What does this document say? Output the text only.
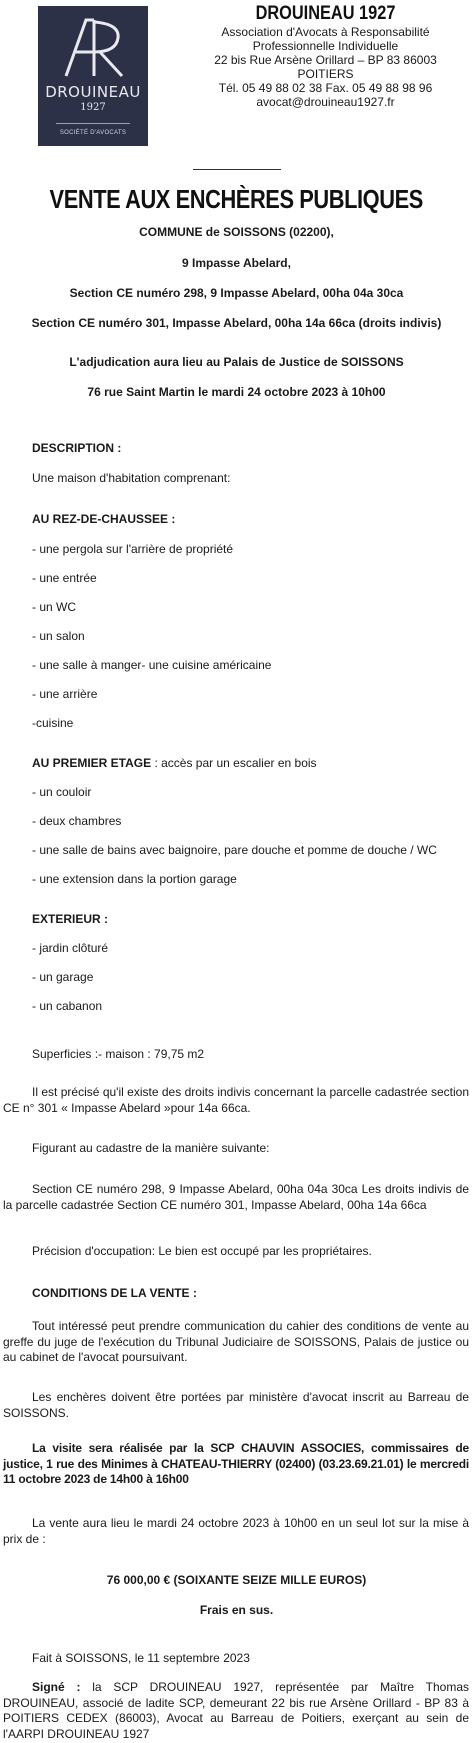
DROUINEAU
1927
SOCIÉTÉ D'AVOCATS
DROUINEAU 1927
Association d'Avocats à Responsabilité
Professionnelle Individuelle
22 bis Rue Arsène Orillard – BP 83 86003
POITIERS
Tél. 05 49 88 02 38 Fax. 05 49 88 98 96
avocat@drouineau1927.fr
VENTE AUX ENCHÈRES PUBLIQUES
COMMUNE de SOISSONS (02200),
9 Impasse Abelard,
Section CE numéro 298, 9 Impasse Abelard, 00ha 04a 30ca
Section CE numéro 301, Impasse Abelard, 00ha 14a 66ca (droits indivis)
L'adjudication aura lieu au Palais de Justice de SOISSONS
76 rue Saint Martin le mardi 24 octobre 2023 à 10h00
DESCRIPTION :
Une maison d'habitation comprenant:
AU REZ-DE-CHAUSSEE :
- une pergola sur l'arrière de propriété
- une entrée
- un WC
- un salon
- une salle à manger- une cuisine américaine
- une arrière
-cuisine
AU PREMIER ETAGE : accès par un escalier en bois
- un couloir
- deux chambres
- une salle de bains avec baignoire, pare douche et pomme de douche / WC
- une extension dans la portion garage
EXTERIEUR :
- jardin clôturé
- un garage
- un cabanon
Superficies :- maison : 79,75 m2
Il est précisé qu'il existe des droits indivis concernant la parcelle cadastrée section CE n° 301 « Impasse Abelard »pour 14a 66ca.
Figurant au cadastre de la manière suivante:
Section CE numéro 298, 9 Impasse Abelard, 00ha 04a 30ca Les droits indivis de la parcelle cadastrée Section CE numéro 301, Impasse Abelard, 00ha 14a 66ca
Précision d'occupation: Le bien est occupé par les propriétaires.
CONDITIONS DE LA VENTE :
Tout intéressé peut prendre communication du cahier des conditions de vente au greffe du juge de l'exécution du Tribunal Judiciaire de SOISSONS, Palais de justice ou au cabinet de l'avocat poursuivant.
Les enchères doivent être portées par ministère d'avocat inscrit au Barreau de SOISSONS.
La visite sera réalisée par la SCP CHAUVIN ASSOCIES, commissaires de justice, 1 rue des Minimes à CHATEAU-THIERRY (02400) (03.23.69.21.01) le mercredi 11 octobre 2023 de 14h00 à 16h00
La vente aura lieu le mardi 24 octobre 2023 à 10h00 en un seul lot sur la mise à prix de :
76 000,00 € (SOIXANTE SEIZE MILLE EUROS)
Frais en sus.
Fait à SOISSONS, le 11 septembre 2023
Signé : la SCP DROUINEAU 1927, représentée par Maître Thomas DROUINEAU, associé de ladite SCP, demeurant 22 bis rue Arsène Orillard - BP 83 à POITIERS CEDEX (86003), Avocat au Barreau de Poitiers, exerçant au sein de l'AARPI DROUINEAU 1927
